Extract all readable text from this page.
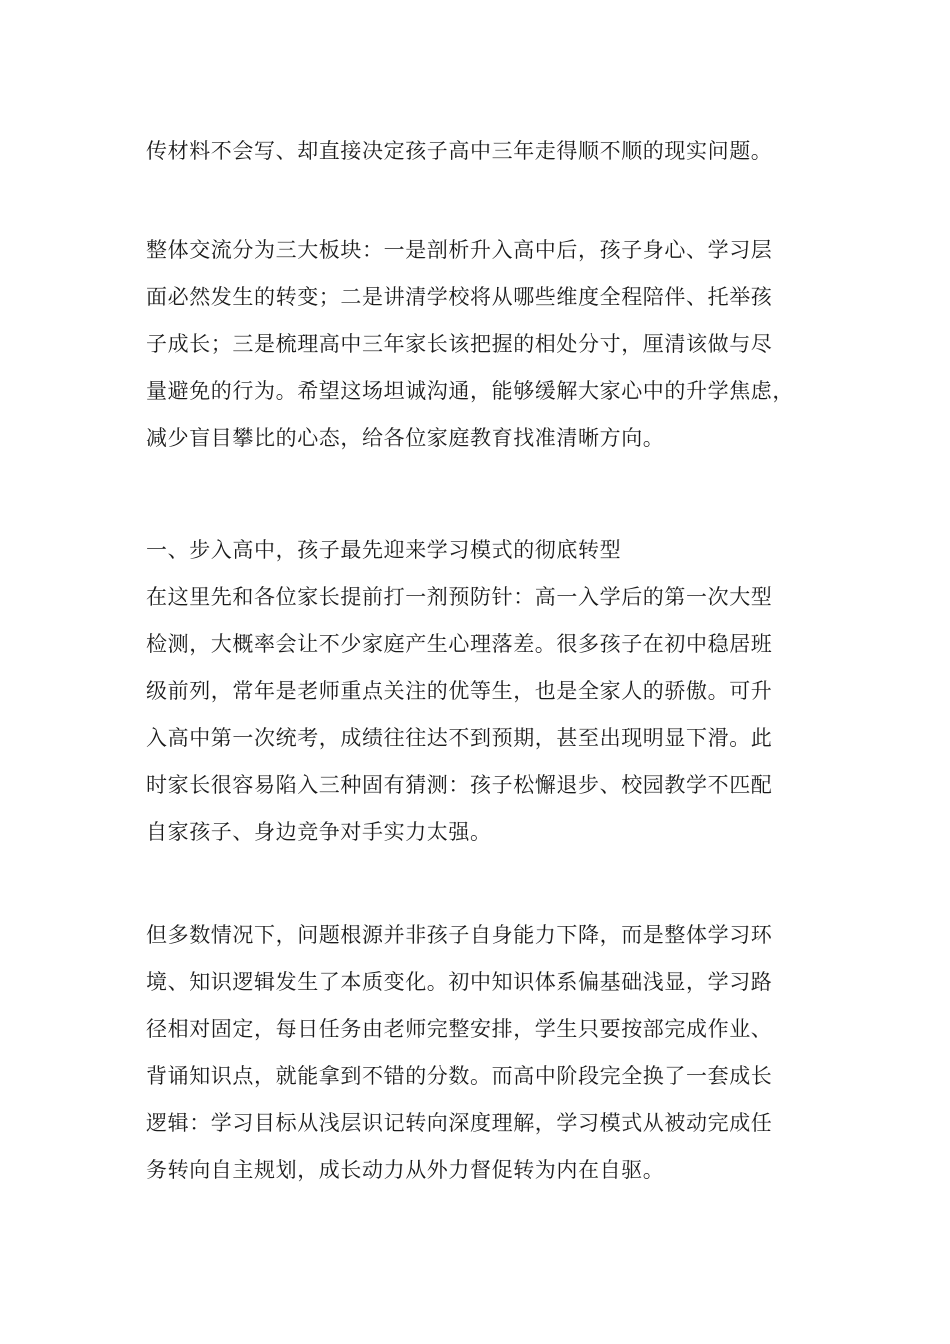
传材料不会写、却直接决定孩子高中三年走得顺不顺的现实问题。
整体交流分为三大板块：一是剖析升入高中后，孩子身心、学习层
面必然发生的转变；二是讲清学校将从哪些维度全程陪伴、托举孩
子成长；三是梳理高中三年家长该把握的相处分寸，厘清该做与尽
量避免的行为。希望这场坦诚沟通，能够缓解大家心中的升学焦虑，
减少盲目攀比的心态，给各位家庭教育找准清晰方向。
一、步入高中，孩子最先迎来学习模式的彻底转型
在这里先和各位家长提前打一剂预防针：高一入学后的第一次大型
检测，大概率会让不少家庭产生心理落差。很多孩子在初中稳居班
级前列，常年是老师重点关注的优等生，也是全家人的骄傲。可升
入高中第一次统考，成绩往往达不到预期，甚至出现明显下滑。此
时家长很容易陷入三种固有猜测：孩子松懈退步、校园教学不匹配
自家孩子、身边竞争对手实力太强。
但多数情况下，问题根源并非孩子自身能力下降，而是整体学习环
境、知识逻辑发生了本质变化。初中知识体系偏基础浅显，学习路
径相对固定，每日任务由老师完整安排，学生只要按部完成作业、
背诵知识点，就能拿到不错的分数。而高中阶段完全换了一套成长
逻辑：学习目标从浅层识记转向深度理解，学习模式从被动完成任
务转向自主规划，成长动力从外力督促转为内在自驱。
